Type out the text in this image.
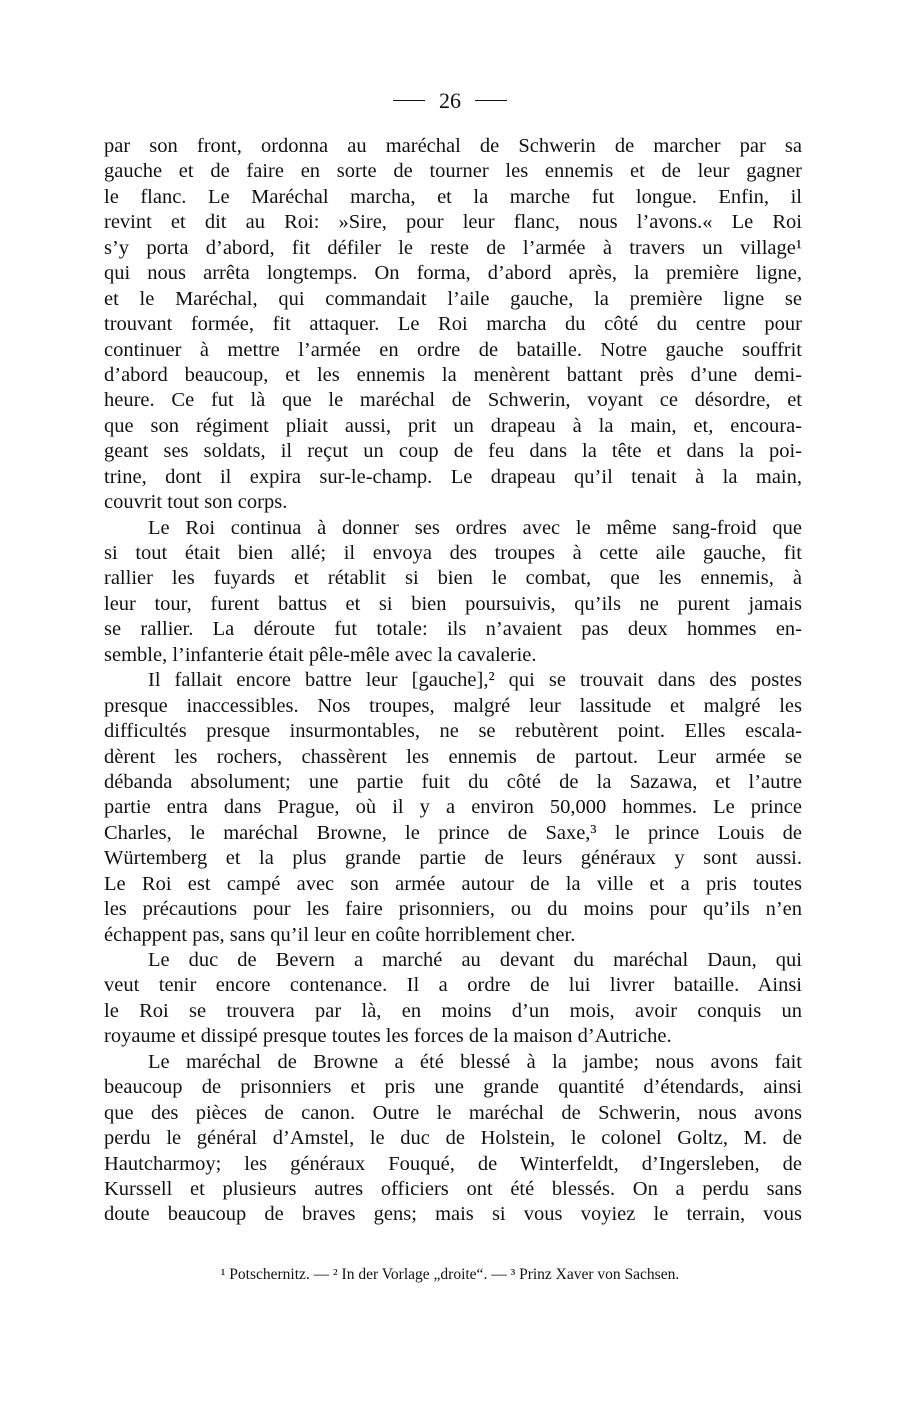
26
par son front, ordonna au maréchal de Schwerin de marcher par sa
gauche et de faire en sorte de tourner les ennemis et de leur gagner
le flanc. Le Maréchal marcha, et la marche fut longue. Enfin, il
revint et dit au Roi: »Sire, pour leur flanc, nous l’avons.« Le Roi
s’y porta d’abord, fit défiler le reste de l’armée à travers un village¹
qui nous arrêta longtemps. On forma, d’abord après, la première ligne,
et le Maréchal, qui commandait l’aile gauche, la première ligne se
trouvant formée, fit attaquer. Le Roi marcha du côté du centre pour
continuer à mettre l’armée en ordre de bataille. Notre gauche souffrit
d’abord beaucoup, et les ennemis la menèrent battant près d’une demi-
heure. Ce fut là que le maréchal de Schwerin, voyant ce désordre, et
que son régiment pliait aussi, prit un drapeau à la main, et, encoura-
geant ses soldats, il reçut un coup de feu dans la tête et dans la poi-
trine, dont il expira sur-le-champ. Le drapeau qu’il tenait à la main,
couvrit tout son corps.
Le Roi continua à donner ses ordres avec le même sang-froid que
si tout était bien allé; il envoya des troupes à cette aile gauche, fit
rallier les fuyards et rétablit si bien le combat, que les ennemis, à
leur tour, furent battus et si bien poursuivis, qu’ils ne purent jamais
se rallier. La déroute fut totale: ils n’avaient pas deux hommes en-
semble, l’infanterie était pêle-mêle avec la cavalerie.
Il fallait encore battre leur [gauche],² qui se trouvait dans des postes
presque inaccessibles. Nos troupes, malgré leur lassitude et malgré les
difficultés presque insurmontables, ne se rebutèrent point. Elles escala-
dèrent les rochers, chassèrent les ennemis de partout. Leur armée se
débanda absolument; une partie fuit du côté de la Sazawa, et l’autre
partie entra dans Prague, où il y a environ 50,000 hommes. Le prince
Charles, le maréchal Browne, le prince de Saxe,³ le prince Louis de
Würtemberg et la plus grande partie de leurs généraux y sont aussi.
Le Roi est campé avec son armée autour de la ville et a pris toutes
les précautions pour les faire prisonniers, ou du moins pour qu’ils n’en
échappent pas, sans qu’il leur en coûte horriblement cher.
Le duc de Bevern a marché au devant du maréchal Daun, qui
veut tenir encore contenance. Il a ordre de lui livrer bataille. Ainsi
le Roi se trouvera par là, en moins d’un mois, avoir conquis un
royaume et dissipé presque toutes les forces de la maison d’Autriche.
Le maréchal de Browne a été blessé à la jambe; nous avons fait
beaucoup de prisonniers et pris une grande quantité d’étendards, ainsi
que des pièces de canon. Outre le maréchal de Schwerin, nous avons
perdu le général d’Amstel, le duc de Holstein, le colonel Goltz, M. de
Hautcharmoy; les généraux Fouqué, de Winterfeldt, d’Ingersleben, de
Kurssell et plusieurs autres officiers ont été blessés. On a perdu sans
doute beaucoup de braves gens; mais si vous voyiez le terrain, vous
¹ Potschernitz. — ² In der Vorlage „droite“. — ³ Prinz Xaver von Sachsen.
